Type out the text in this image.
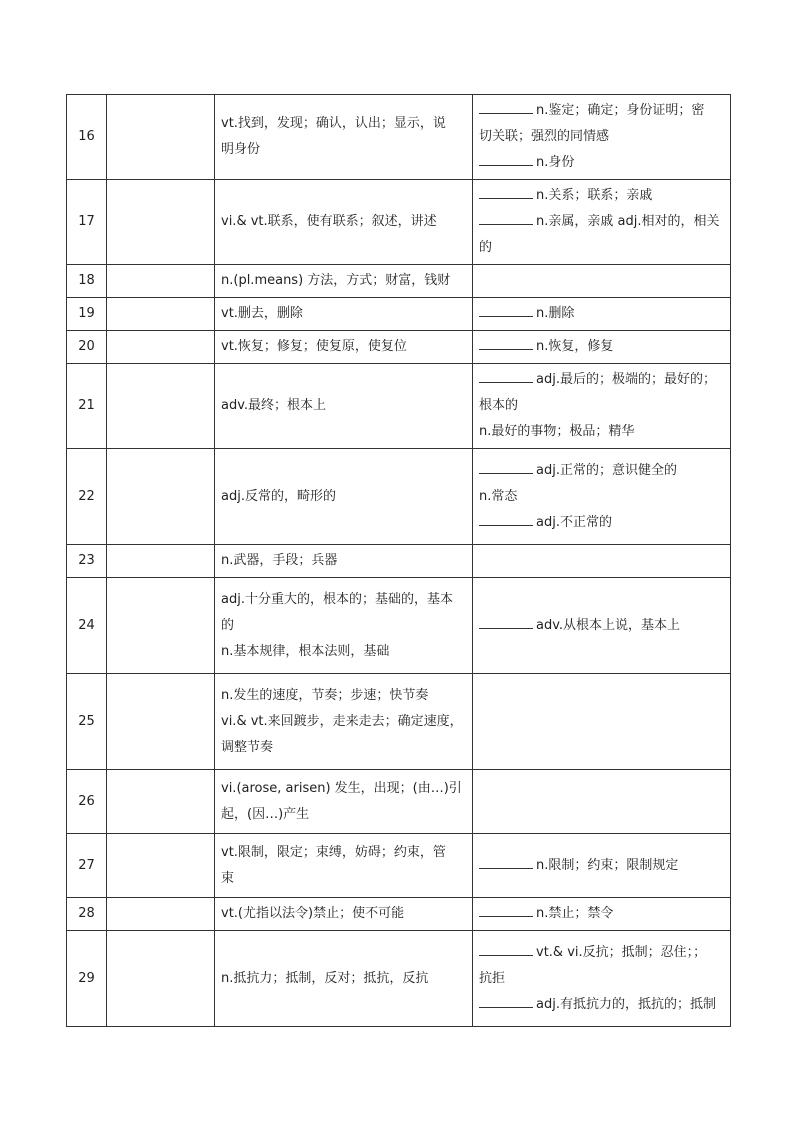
16		vt.找到，发现；确认，认出；显示，说
明身份	n.鉴定；确定；身份证明；密
切关联；强烈的同情感
n.身份

17		vi.& vt.联系，使有联系；叙述，讲述	n.关系；联系；亲戚
n.亲属，亲戚 adj.相对的，相关
的

18		n.(pl.means) 方法，方式；财富，钱财	

19		vt.删去，删除	n.删除

20		vt.恢复；修复；使复原，使复位	n.恢复，修复

21		adv.最终；根本上	adj.最后的；极端的；最好的；
根本的
n.最好的事物；极品；精华

22		adj.反常的，畸形的	adj.正常的；意识健全的
n.常态
adj.不正常的

23		n.武器，手段；兵器	

24		adj.十分重大的，根本的；基础的，基本
的
n.基本规律，根本法则，基础	adv.从根本上说，基本上

25		n.发生的速度，节奏；步速；快节奏
vi.& vt.来回踱步，走来走去；确定速度，
调整节奏	

26		vi.(arose, arisen) 发生，出现；(由…)引
起，(因…)产生	

27		vt.限制，限定；束缚，妨碍；约束，管
束	n.限制；约束；限制规定

28		vt.(尤指以法令)禁止；使不可能	n.禁止；禁令

29		n.抵抗力；抵制，反对；抵抗，反抗	vt.& vi.反抗；抵制；忍住；；
抗拒
adj.有抵抗力的，抵抗的；抵制
